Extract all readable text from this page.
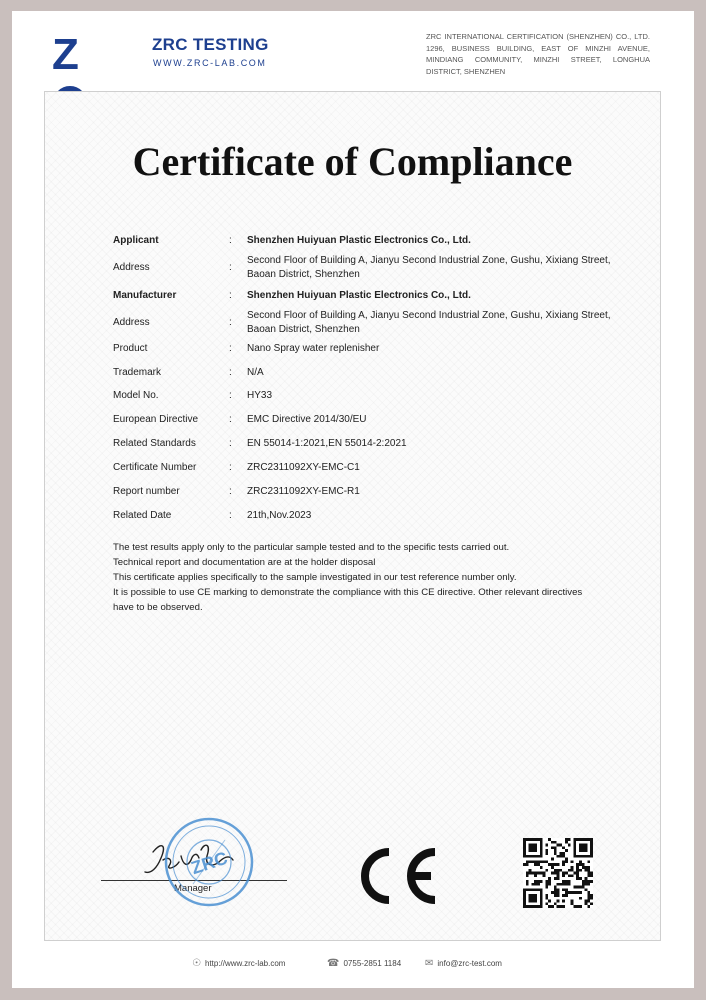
Z	ZRC TESTING
WWW.ZRC-LAB.COM
ZRC INTERNATIONAL CERTIFICATION (SHENZHEN) CO., LTD. 1296, BUSINESS BUILDING, EAST OF MINZHI AVENUE, MINDIANG COMMUNITY, MINZHI STREET, LONGHUA DISTRICT, SHENZHEN
Certificate of Compliance
Applicant	:	Shenzhen Huiyuan Plastic Electronics Co., Ltd.
Address	:
Second Floor of Building A, Jianyu Second Industrial Zone, Gushu, Xixiang Street, Baoan District, Shenzhen
Manufacturer	:	Shenzhen Huiyuan Plastic Electronics Co., Ltd.
Address	:
Second Floor of Building A, Jianyu Second Industrial Zone, Gushu, Xixiang Street, Baoan District, Shenzhen
Product	:	Nano Spray water replenisher
Trademark	:	N/A
Model No.	:	HY33
European Directive	:	EMC Directive 2014/30/EU
Related Standards	:	EN 55014-1:2021,EN 55014-2:2021
Certificate Number	:	ZRC2311092XY-EMC-C1
Report number	:	ZRC2311092XY-EMC-R1
Related Date	:	21th,Nov.2023

The test results apply only to the particular sample tested and to the specific tests carried out.

Technical report and documentation are at the holder disposal

This certificate applies specifically to the sample investigated in our test reference number only.

It is possible to use CE marking to demonstrate the compliance with this CE directive. Other relevant directives have to be observed.

Manager
ZRC
☉ http://www.zrc-lab.com	☎ 0755-2851 1184 ✉ info@zrc-test.com
